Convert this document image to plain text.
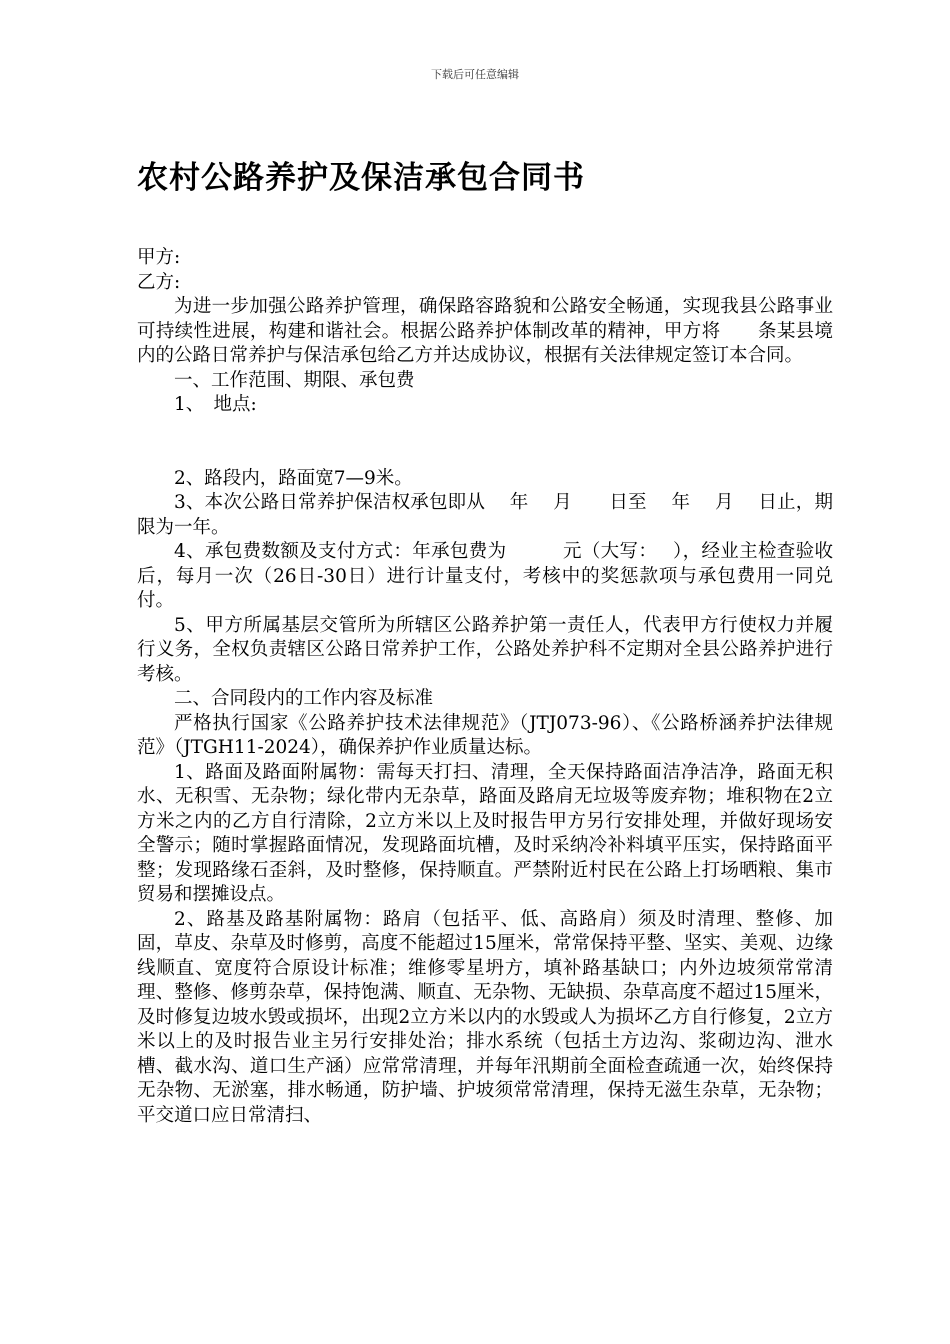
下载后可任意编辑
农村公路养护及保洁承包合同书

甲方:

乙方:

为进一步加强公路养护管理，确保路容路貌和公路安全畅通，实现我县公路事业可持续性进展，构建和谐社会。根据公路养护体制改革的精神，甲方将　　条某县境内的公路日常养护与保洁承包给乙方并达成协议，根据有关法律规定签订本合同。

一、工作范围、期限、承包费

1、　地点:

2、路段内，路面宽7—9米。

3、本次公路日常养护保洁权承包即从　 年　 月　　日至　 年　 月　 日止，期限为一年。

4、承包费数额及支付方式：年承包费为　　　元（大写：　 ），经业主检查验收后，每月一次（26日-30日）进行计量支付，考核中的奖惩款项与承包费用一同兑付。

5、甲方所属基层交管所为所辖区公路养护第一责任人，代表甲方行使权力并履行义务，全权负责辖区公路日常养护工作，公路处养护科不定期对全县公路养护进行考核。

二、合同段内的工作内容及标准

严格执行国家《公路养护技术法律规范》（JTJ073-96）、《公路桥涵养护法律规范》（JTGH11-2024），确保养护作业质量达标。

1、路面及路面附属物：需每天打扫、清理，全天保持路面洁净洁净，路面无积水、无积雪、无杂物；绿化带内无杂草，路面及路肩无垃圾等废弃物；堆积物在2立方米之内的乙方自行清除，2立方米以上及时报告甲方另行安排处理，并做好现场安全警示；随时掌握路面情况，发现路面坑槽，及时采纳冷补料填平压实，保持路面平整；发现路缘石歪斜，及时整修，保持顺直。严禁附近村民在公路上打场晒粮、集市贸易和摆摊设点。

2、路基及路基附属物：路肩（包括平、低、高路肩）须及时清理、整修、加固，草皮、杂草及时修剪，高度不能超过15厘米，常常保持平整、坚实、美观、边缘线顺直、宽度符合原设计标准；维修零星坍方，填补路基缺口；内外边坡须常常清理、整修、修剪杂草，保持饱满、顺直、无杂物、无缺损、杂草高度不超过15厘米，及时修复边坡水毁或损坏，出现2立方米以内的水毁或人为损坏乙方自行修复，2立方米以上的及时报告业主另行安排处治；排水系统（包括土方边沟、浆砌边沟、泄水槽、截水沟、道口生产涵）应常常清理，并每年汛期前全面检查疏通一次，始终保持无杂物、无淤塞，排水畅通，防护墙、护坡须常常清理，保持无滋生杂草，无杂物；平交道口应日常清扫、
